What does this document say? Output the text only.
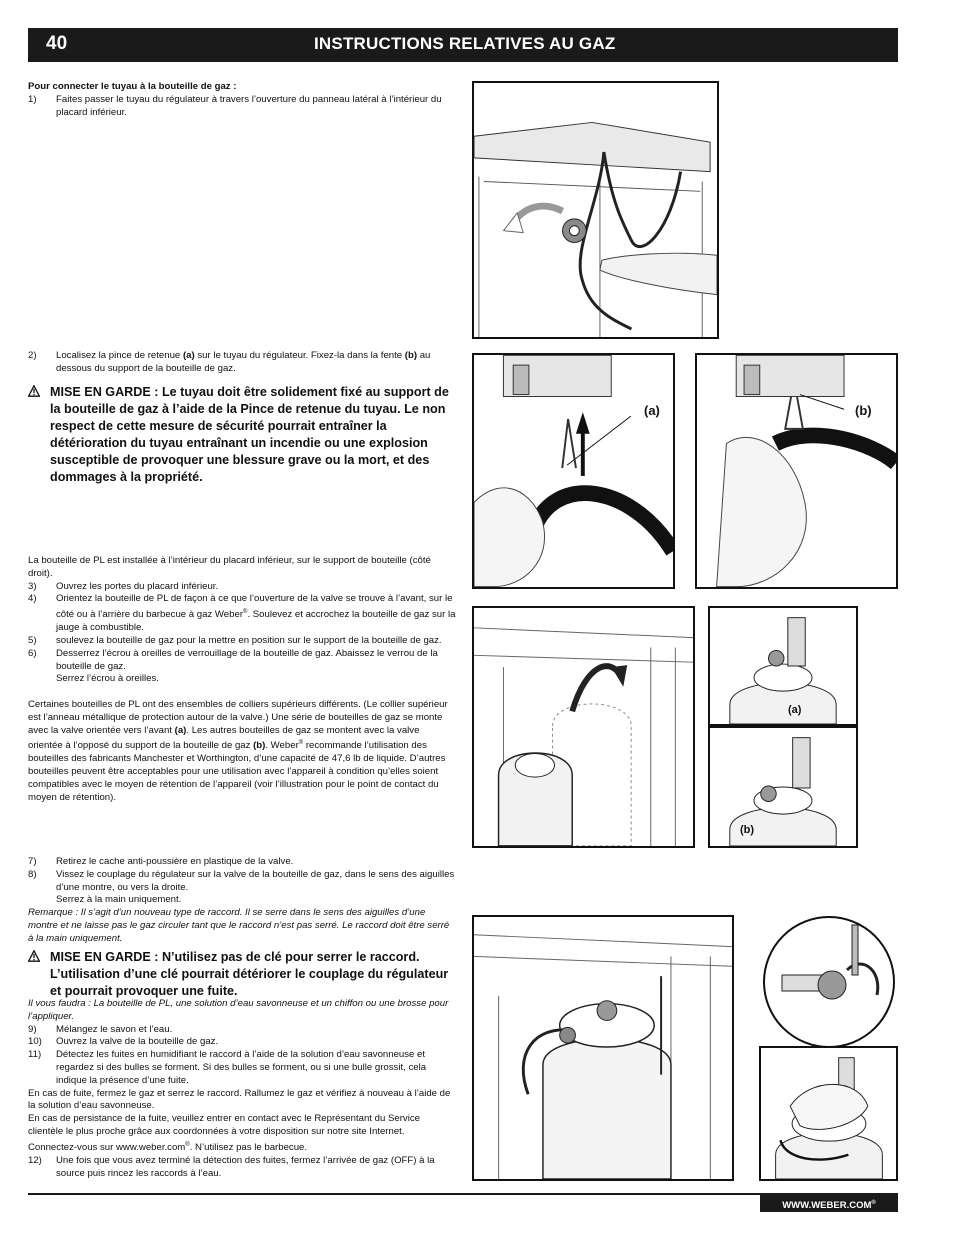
40	INSTRUCTIONS RELATIVES AU GAZ

Pour connecter le tuyau à la bouteille de gaz :

1) Faites passer le tuyau du régulateur à travers l’ouverture du panneau latéral à l’intérieur du placard inférieur.
2) Localisez la pince de retenue (a) sur le tuyau du régulateur. Fixez-la dans la fente (b) au dessous du support de la bouteille de gaz.
MISE EN GARDE : Le tuyau doit être solidement fixé au support de la bouteille de gaz à l’aide de la Pince de retenue du tuyau. Le non respect de cette mesure de sécurité pourrait entraîner la détérioration du tuyau entraînant un incendie ou une explosion susceptible de provoquer une blessure grave ou la mort, et des dommages à la propriété.

La bouteille de PL est installée à l’intérieur du placard inférieur, sur le support de bouteille (côté droit).

3) Ouvrez les portes du placard inférieur.
4) Orientez la bouteille de PL de façon à ce que l’ouverture de la valve se trouve à l’avant, sur le côté ou à l’arrière du barbecue à gaz Weber®. Soulevez et accrochez la bouteille de gaz sur la jauge à combustible.
5) soulevez la bouteille de gaz pour la mettre en position sur le support de la bouteille de gaz.
6) Desserrez l’écrou à oreilles de verrouillage de la bouteille de gaz. Abaissez le verrou de la bouteille de gaz.

Serrez l’écrou à oreilles.

Certaines bouteilles de PL ont des ensembles de colliers supérieurs différents. (Le collier supérieur est l’anneau métallique de protection autour de la valve.) Une série de bouteilles de gaz se monte avec la valve orientée vers l’avant (a). Les autres bouteilles de gaz se montent avec la valve orientée à l’opposé du support de la bouteille de gaz (b). Weber® recommande l’utilisation des bouteilles des fabricants Manchester et Worthington, d’une capacité de 47,6 lb de liquide. D’autres bouteilles peuvent être acceptables pour une utilisation avec l’appareil à condition qu’elles soient compatibles avec le moyen de rétention de l’appareil (voir l’illustration pour le point de contact du moyen de rétention).

7) Retirez le cache anti-poussière en plastique de la valve.
8) Vissez le couplage du régulateur sur la valve de la bouteille de gaz, dans le sens des aiguilles d’une montre, ou vers la droite.

Serrez à la main uniquement.

Remarque : Il s’agit d’un nouveau type de raccord. Il se serre dans le sens des aiguilles d’une montre et ne laisse pas le gaz circuler tant que le raccord n’est pas serré. Le raccord doit être serré à la main uniquement.

MISE EN GARDE : N’utilisez pas de clé pour serrer le raccord. L’utilisation d’une clé pourrait détériorer le couplage du régulateur et pourrait provoquer une fuite.

Il vous faudra : La bouteille de PL, une solution d’eau savonneuse et un chiffon ou une brosse pour l’appliquer.

9) Mélangez le savon et l’eau.
10) Ouvrez la valve de la bouteille de gaz.
11) Détectez les fuites en humidifiant le raccord à l’aide de la solution d’eau savonneuse et regardez si des bulles se forment. Si des bulles se forment, ou si une bulle grossit, cela indique la présence d’une fuite.

En cas de fuite, fermez le gaz et serrez le raccord. Rallumez le gaz et vérifiez à nouveau à l’aide de la solution d’eau savonneuse.

En cas de persistance de la fuite, veuillez entrer en contact avec le Représentant du Service clientèle le plus proche grâce aux coordonnées à votre disposition sur notre site Internet. Connectez-vous sur www.weber.com®. N’utilisez pas le barbecue.

12) Une fois que vous avez terminé la détection des fuites, fermez l’arrivée de gaz (OFF) à la source puis rincez les raccords à l’eau.
(a)	(b)
(a)
(b)
WWW.WEBER.COM®
